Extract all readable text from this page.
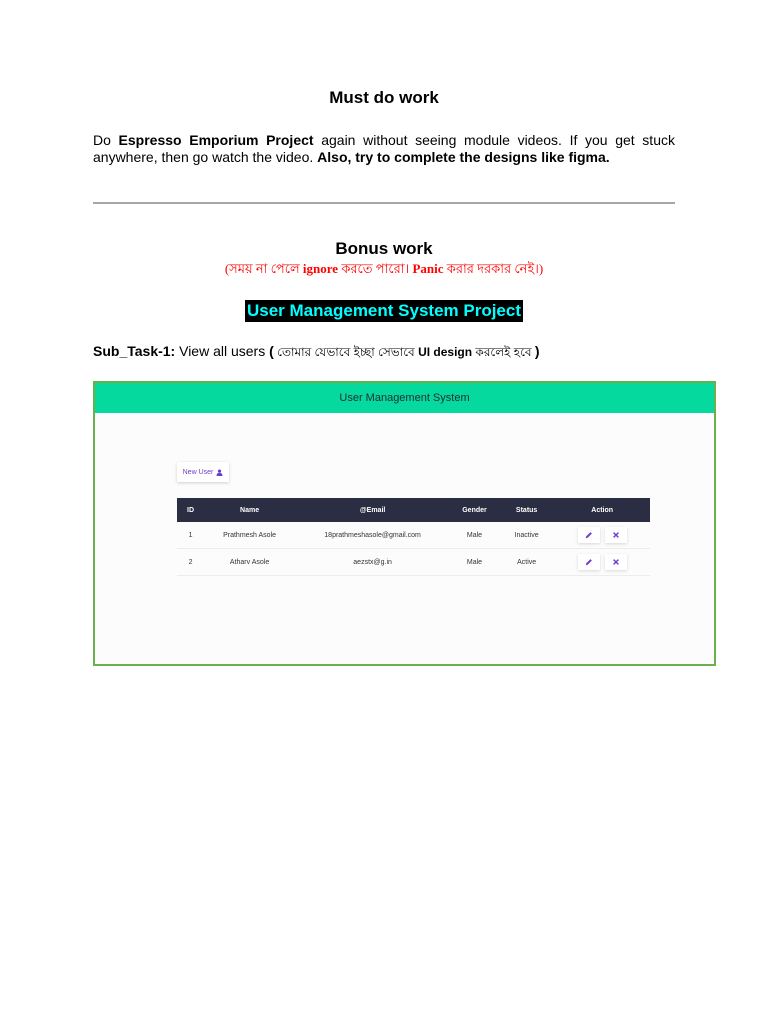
Must do work
Do Espresso Emporium Project again without seeing module videos. If you get stuck anywhere, then go watch the video. Also, try to complete the designs like figma.
Bonus work
(সময় না পেলে ignore করতে পারো। Panic করার দরকার নেই।)
User Management System Project
Sub_Task-1: View all users ( তোমার যেভাবে ইচ্ছা সেভাবে UI design করলেই হবে )
User Management System
New User
ID	Name	@Email	Gender	Status	Action
1	Prathmesh Asole	18prathmeshasole@gmail.com	Male	Inactive	

2	Atharv Asole	aezstx@g.in	Male	Active	
